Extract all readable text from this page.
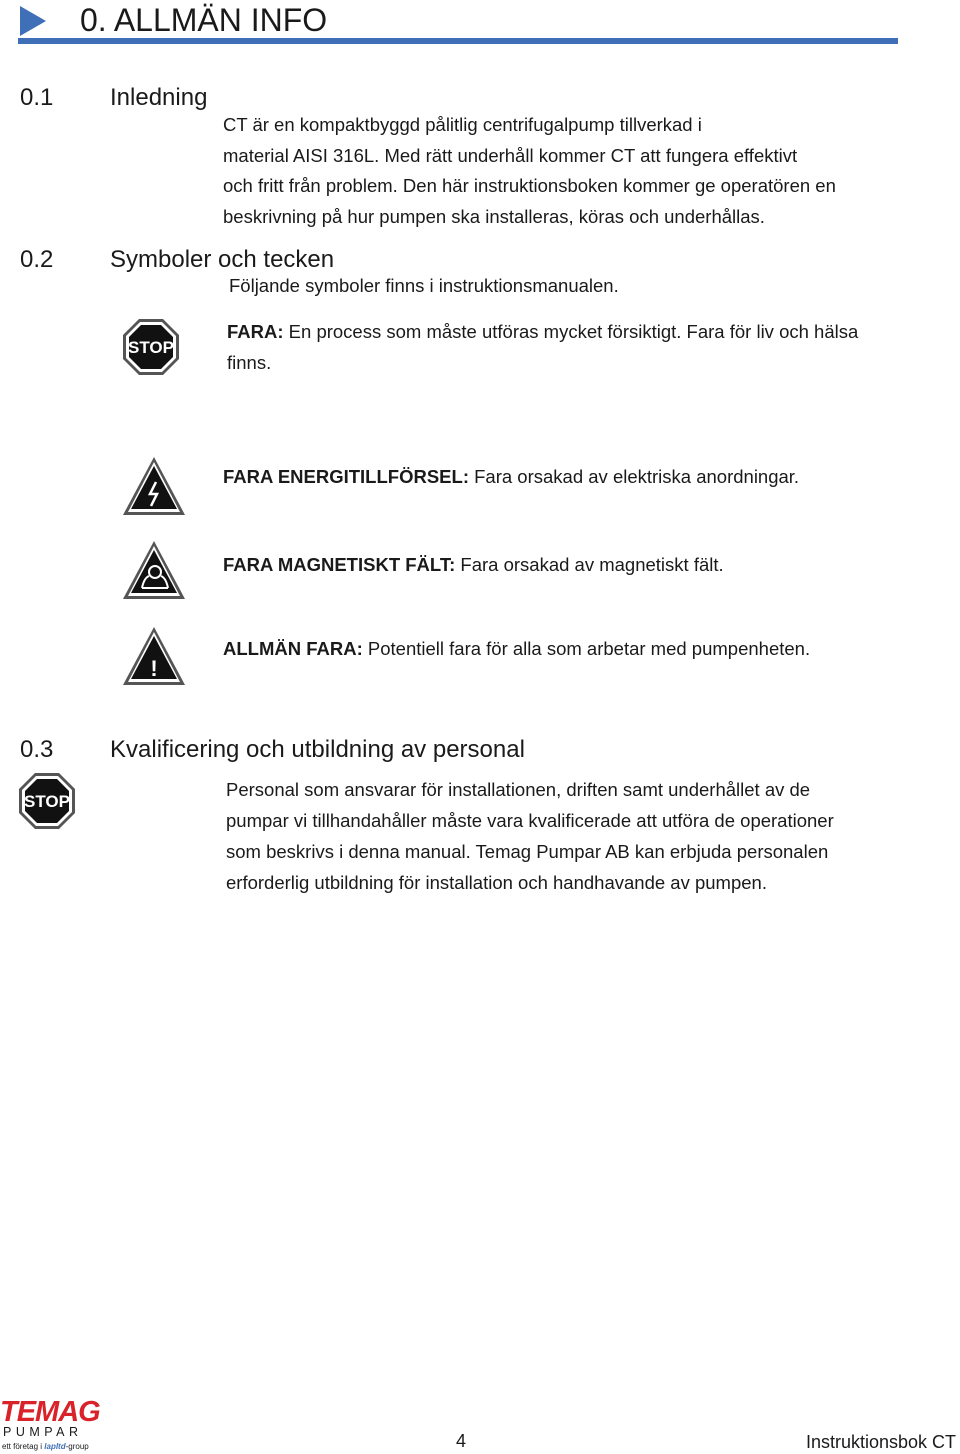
0. ALLMÄN INFO
0.1 Inledning
CT är en kompaktbyggd pålitlig centrifugalpump tillverkad i
material AISI 316L. Med rätt underhåll kommer CT att fungera effektivt
och fritt från problem. Den här instruktionsboken kommer ge operatören en
beskrivning på hur pumpen ska installeras, köras och underhållas.
0.2 Symboler och tecken
Följande symboler finns i instruktionsmanualen.
STOP
FARA: En process som måste utföras mycket försiktigt. Fara för liv och hälsa
finns.
FARA ENERGITILLFÖRSEL: Fara orsakad av elektriska anordningar.
FARA MAGNETISKT FÄLT: Fara orsakad av magnetiskt fält.
!
ALLMÄN FARA: Potentiell fara för alla som arbetar med pumpenheten.
0.3 Kvalificering och utbildning av personal
STOP
Personal som ansvarar för installationen, driften samt underhållet av de
pumpar vi tillhandahåller måste vara kvalificerade att utföra de operationer
som beskrivs i denna manual. Temag Pumpar AB kan erbjuda personalen
erforderlig utbildning för installation och handhavande av pumpen.
TEMAG
PUMPAR
ett företag i lapltd-group	4	Instruktionsbok CT
